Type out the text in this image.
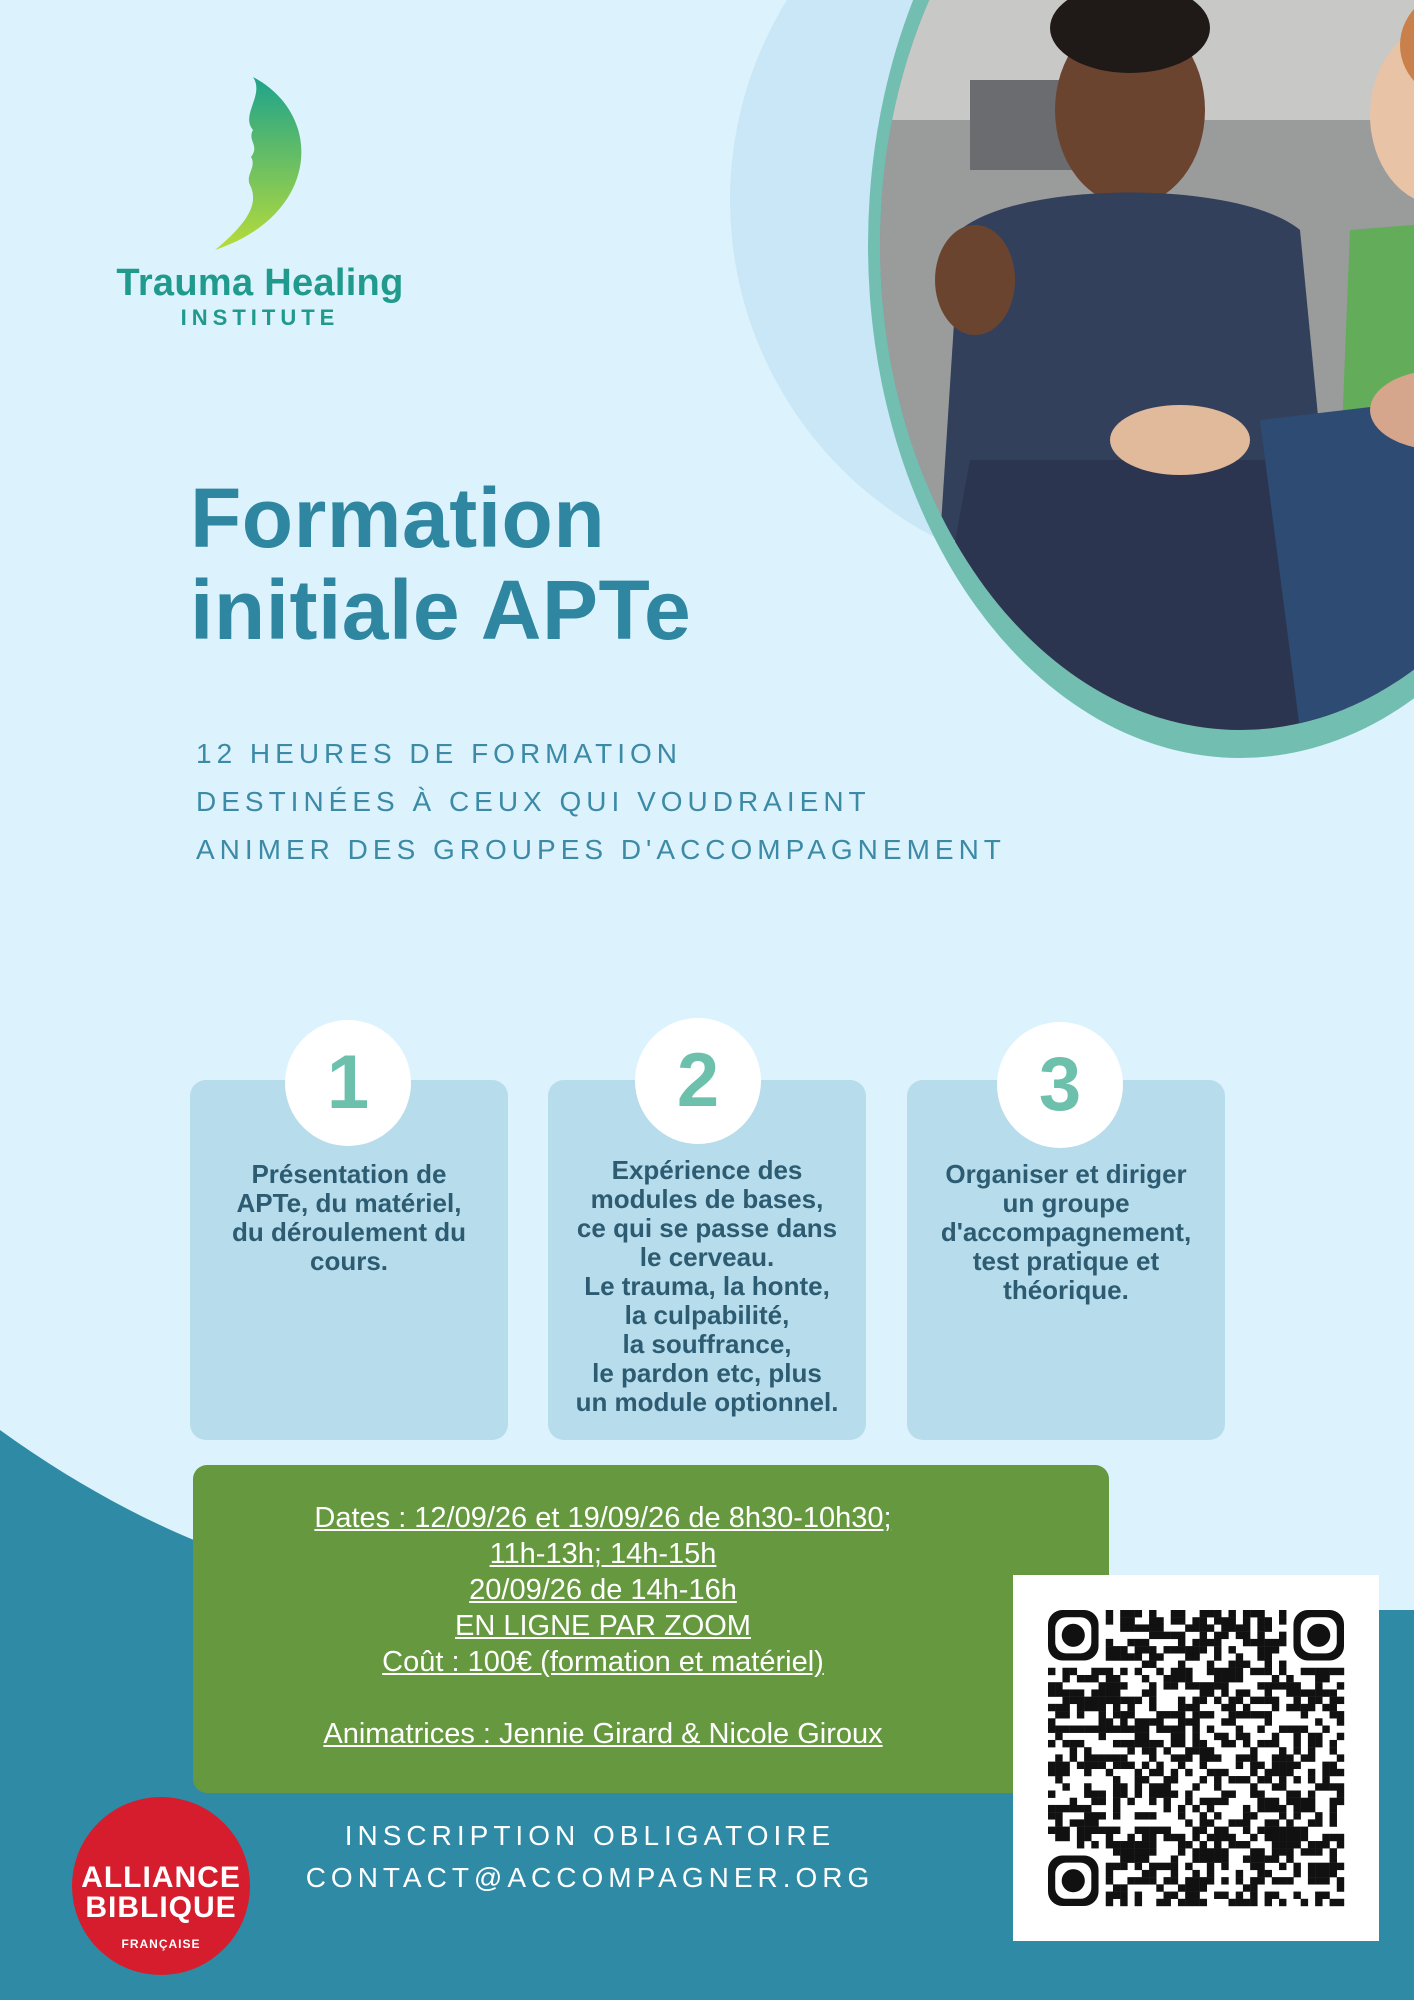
Trauma Healing
INSTITUTE
Formation
initiale APTe
12 HEURES DE FORMATION
DESTINÉES À CEUX QUI VOUDRAIENT
ANIMER DES GROUPES D'ACCOMPAGNEMENT
Présentation de
APTe, du matériel,
du déroulement du
cours.
1
Expérience des
modules de bases,
ce qui se passe dans
le cerveau.
Le trauma, la honte,
la culpabilité,
la souffrance,
le pardon etc, plus
un module optionnel.
2
Organiser et diriger
un groupe
d'accompagnement,
test pratique et
théorique.
3
Dates : 12/09/26 et 19/09/26 de 8h30-10h30;
11h-13h; 14h-15h
20/09/26 de 14h-16h
EN LIGNE PAR ZOOM
Coût : 100€ (formation et matériel)
Animatrices : Jennie Girard & Nicole Giroux
INSCRIPTION OBLIGATOIRE
CONTACT@ACCOMPAGNER.ORG
ALLIANCE
BIBLIQUE
FRANÇAISE
